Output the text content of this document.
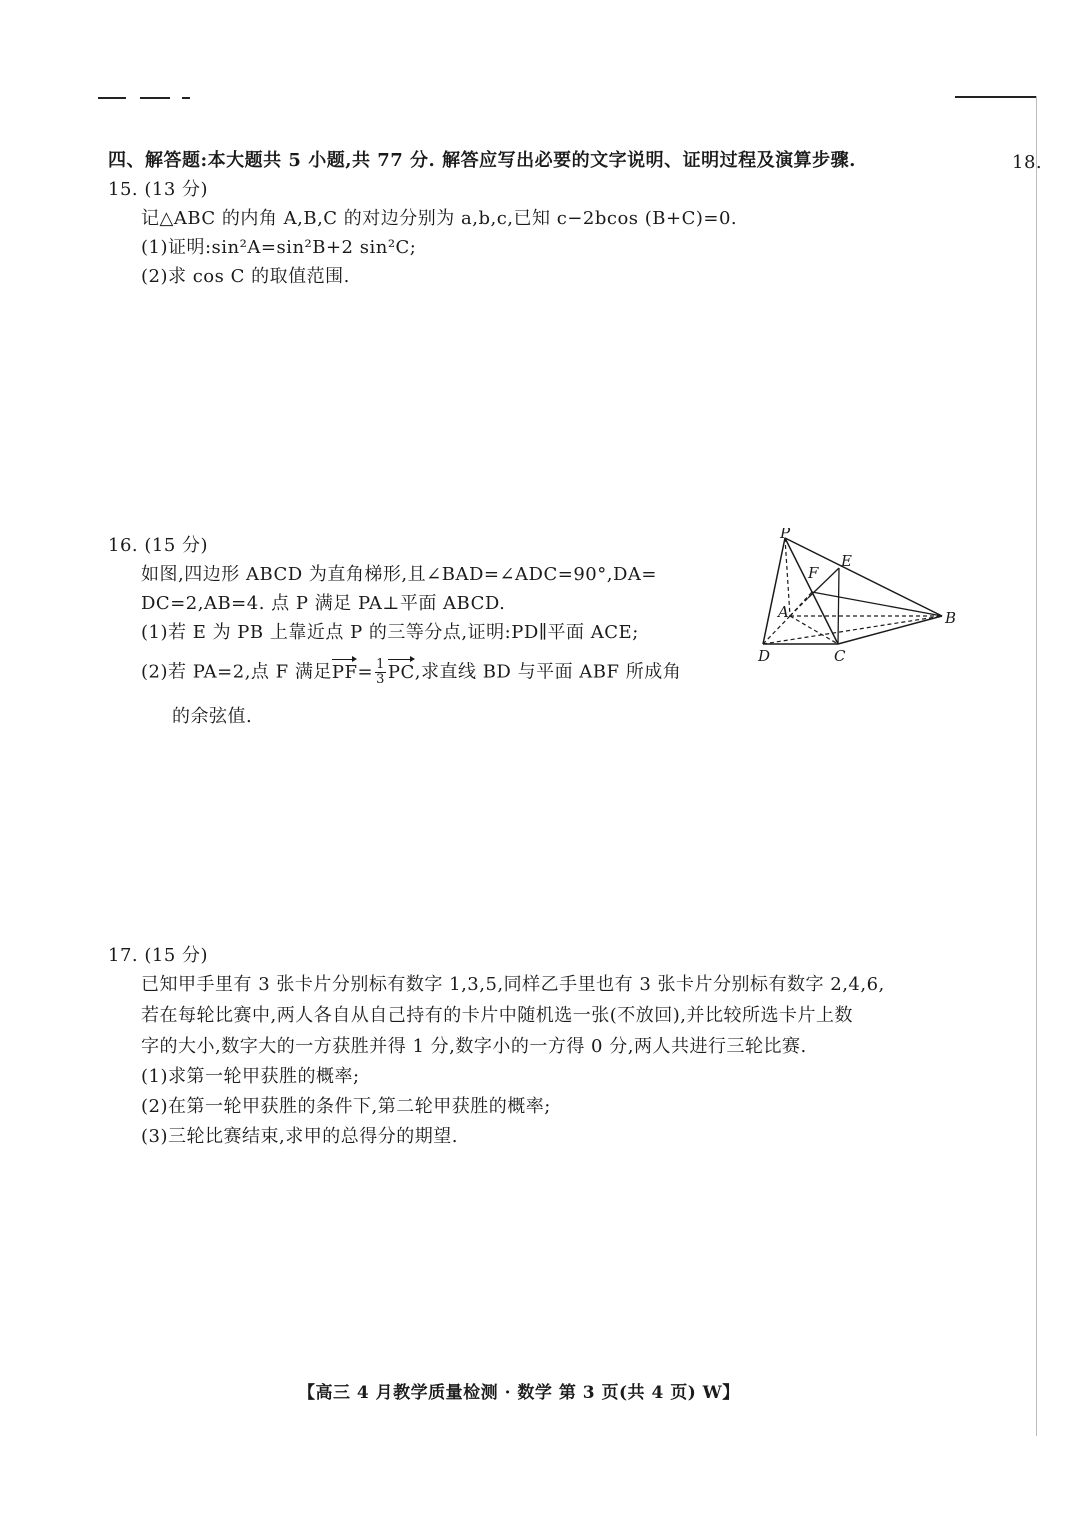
四、解答题:本大题共 5 小题,共 77 分. 解答应写出必要的文字说明、证明过程及演算步骤.	18.
15. (13 分)
记△ABC 的内角 A,B,C 的对边分别为 a,b,c,已知 c−2bcos (B+C)=0.
(1)证明:sin²A=sin²B+2 sin²C;
(2)求 cos C 的取值范围.
16. (15 分)
如图,四边形 ABCD 为直角梯形,且∠BAD=∠ADC=90°,DA=
DC=2,AB=4. 点 P 满足 PA⊥平面 ABCD.
(1)若 E 为 PB 上靠近点 P 的三等分点,证明:PD∥平面 ACE;
(2)若 PA=2,点 F 满足$PF= \frac{1}{3}$ PC,求直线 BD 与平面 ABF 所成角
的余弦值.
P
E
F
A	B
C
D
17. (15 分)
已知甲手里有 3 张卡片分别标有数字 1,3,5,同样乙手里也有 3 张卡片分别标有数字 2,4,6,
若在每轮比赛中,两人各自从自己持有的卡片中随机选一张(不放回),并比较所选卡片上数
字的大小,数字大的一方获胜并得 1 分,数字小的一方得 0 分,两人共进行三轮比赛.
(1)求第一轮甲获胜的概率;
(2)在第一轮甲获胜的条件下,第二轮甲获胜的概率;
(3)三轮比赛结束,求甲的总得分的期望.
【高三 4 月教学质量检测 · 数学 第 3 页(共 4 页) W】
